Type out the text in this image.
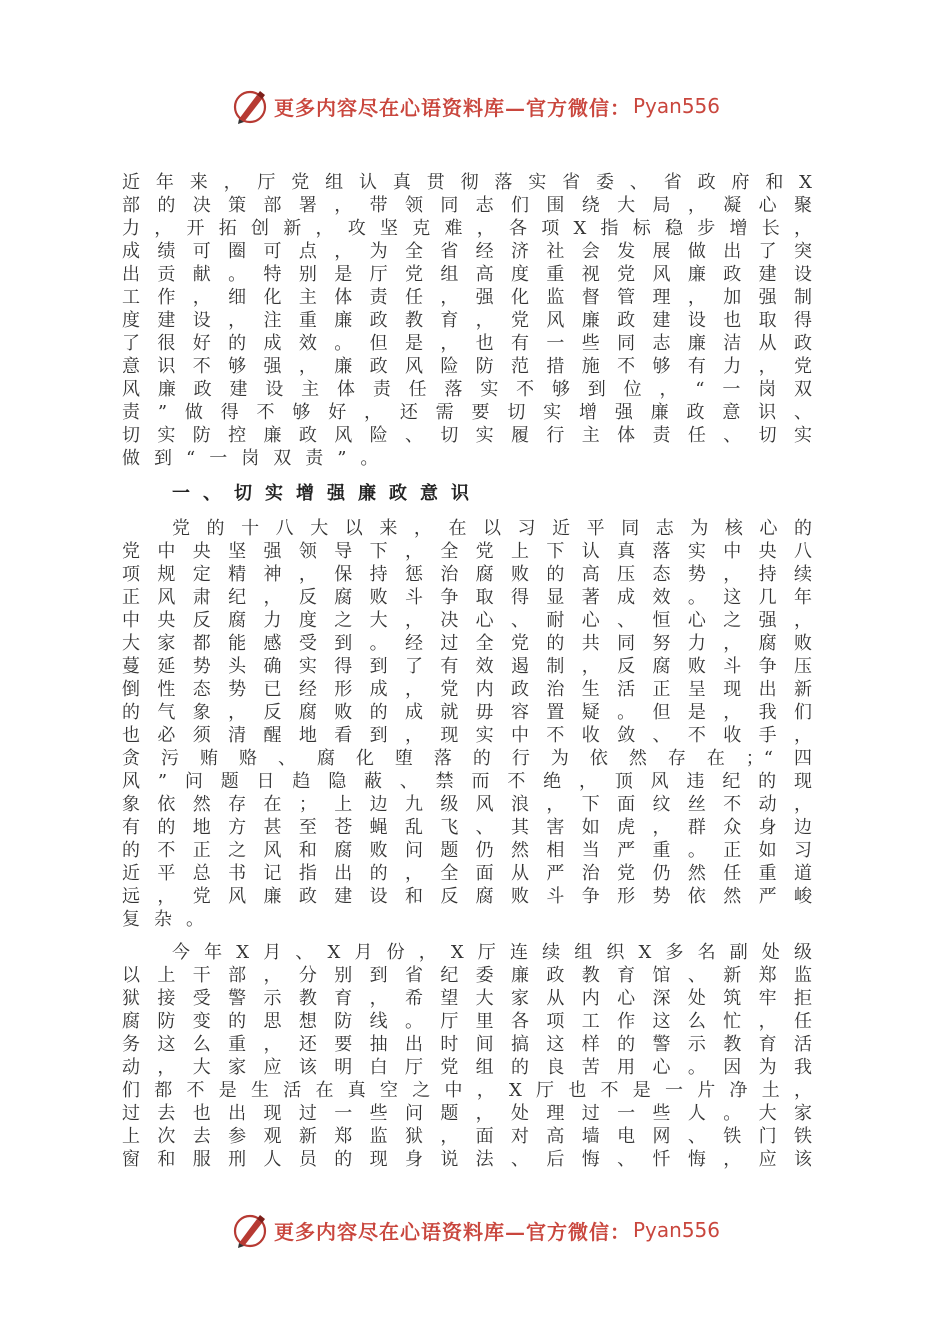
更多内容尽在心语资料库—官方微信： Pyan556
近年来，厅党组认真贯彻落实省委、省政府和X
部的决策部署，带领同志们围绕大局，凝心聚
力，开拓创新，攻坚克难，各项X指标稳步增长，
成绩可圈可点，为全省经济社会发展做出了突
出贡献。特别是厅党组高度重视党风廉政建设
工作，细化主体责任，强化监督管理，加强制
度建设，注重廉政教育，党风廉政建设也取得
了很好的成效。但是，也有一些同志廉洁从政
意识不够强，廉政风险防范措施不够有力，党
风廉政建设主体责任落实不够到位，“一岗双
责”做得不够好，还需要切实增强廉政意识、
切实防控廉政风险、切实履行主体责任、切实
做到“一岗双责”。
一、切实增强廉政意识
党的十八大以来，在以习近平同志为核心的
党中央坚强领导下，全党上下认真落实中央八
项规定精神，保持惩治腐败的高压态势，持续
正风肃纪，反腐败斗争取得显著成效。这几年
中央反腐力度之大，决心、耐心、恒心之强，
大家都能感受到。经过全党的共同努力，腐败
蔓延势头确实得到了有效遏制，反腐败斗争压
倒性态势已经形成，党内政治生活正呈现出新
的气象，反腐败的成就毋容置疑。但是，我们
也必须清醒地看到，现实中不收敛、不收手，
贪污贿赂、腐化堕落的行为依然存在；“四
风”问题日趋隐蔽、禁而不绝，顶风违纪的现
象依然存在；上边九级风浪，下面纹丝不动，
有的地方甚至苍蝇乱飞、其害如虎，群众身边
的不正之风和腐败问题仍然相当严重。正如习
近平总书记指出的，全面从严治党仍然任重道
远，党风廉政建设和反腐败斗争形势依然严峻
复杂。
今年X月、X月份，X厅连续组织X多名副处级
以上干部，分别到省纪委廉政教育馆、新郑监
狱接受警示教育，希望大家从内心深处筑牢拒
腐防变的思想防线。厅里各项工作这么忙，任
务这么重，还要抽出时间搞这样的警示教育活
动，大家应该明白厅党组的良苦用心。因为我
们都不是生活在真空之中，X厅也不是一片净土，
过去也出现过一些问题，处理过一些人。大家
上次去参观新郑监狱，面对高墙电网、铁门铁
窗和服刑人员的现身说法、后悔、忏悔，应该
更多内容尽在心语资料库—官方微信： Pyan556
